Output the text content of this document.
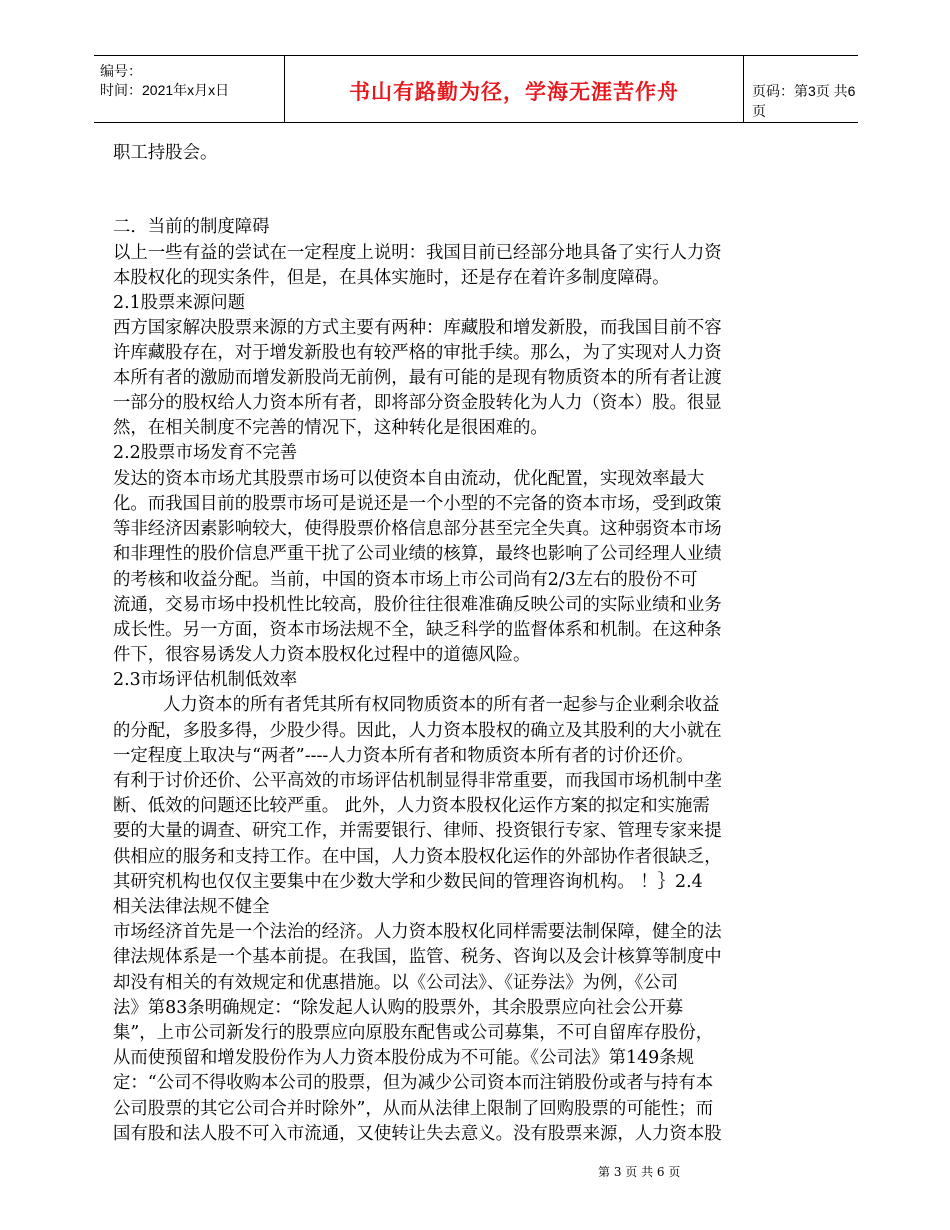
编号：
时间：2021年x月x日	书山有路勤为径，学海无涯苦作舟	页码：第3页 共6页
职工持股会。
二．当前的制度障碍
以上一些有益的尝试在一定程度上说明：我国目前已经部分地具备了实行人力资
本股权化的现实条件，但是，在具体实施时，还是存在着许多制度障碍。
2.1股票来源问题
西方国家解决股票来源的方式主要有两种：库藏股和增发新股，而我国目前不容
许库藏股存在，对于增发新股也有较严格的审批手续。那么，为了实现对人力资
本所有者的激励而增发新股尚无前例，最有可能的是现有物质资本的所有者让渡
一部分的股权给人力资本所有者，即将部分资金股转化为人力（资本）股。很显
然，在相关制度不完善的情况下，这种转化是很困难的。
2.2股票市场发育不完善
发达的资本市场尤其股票市场可以使资本自由流动，优化配置，实现效率最大
化。而我国目前的股票市场可是说还是一个小型的不完备的资本市场，受到政策
等非经济因素影响较大，使得股票价格信息部分甚至完全失真。这种弱资本市场
和非理性的股价信息严重干扰了公司业绩的核算，最终也影响了公司经理人业绩
的考核和收益分配。当前，中国的资本市场上市公司尚有2/3左右的股份不可
流通，交易市场中投机性比较高，股价往往很难准确反映公司的实际业绩和业务
成长性。另一方面，资本市场法规不全，缺乏科学的监督体系和机制。在这种条
件下，很容易诱发人力资本股权化过程中的道德风险。
2.3市场评估机制低效率
人力资本的所有者凭其所有权同物质资本的所有者一起参与企业剩余收益
的分配，多股多得，少股少得。因此，人力资本股权的确立及其股利的大小就在
一定程度上取决与“两者”----人力资本所有者和物质资本所有者的讨价还价。
有利于讨价还价、公平高效的市场评估机制显得非常重要，而我国市场机制中垄
断、低效的问题还比较严重。 此外，人力资本股权化运作方案的拟定和实施需
要的大量的调查、研究工作，并需要银行、律师、投资银行专家、管理专家来提
供相应的服务和支持工作。在中国，人力资本股权化运作的外部协作者很缺乏，
其研究机构也仅仅主要集中在少数大学和少数民间的管理咨询机构。 ！｝2.4
相关法律法规不健全
市场经济首先是一个法治的经济。人力资本股权化同样需要法制保障，健全的法
律法规体系是一个基本前提。在我国，监管、税务、咨询以及会计核算等制度中
却没有相关的有效规定和优惠措施。以《公司法》、《证券法》为例，《公司
法》第83条明确规定：“除发起人认购的股票外，其余股票应向社会公开募
集”，上市公司新发行的股票应向原股东配售或公司募集，不可自留库存股份，
从而使预留和增发股份作为人力资本股份成为不可能。《公司法》第149条规
定：“公司不得收购本公司的股票，但为减少公司资本而注销股份或者与持有本
公司股票的其它公司合并时除外”，从而从法律上限制了回购股票的可能性；而
国有股和法人股不可入市流通，又使转让失去意义。没有股票来源，人力资本股
第 3 页 共 6 页
